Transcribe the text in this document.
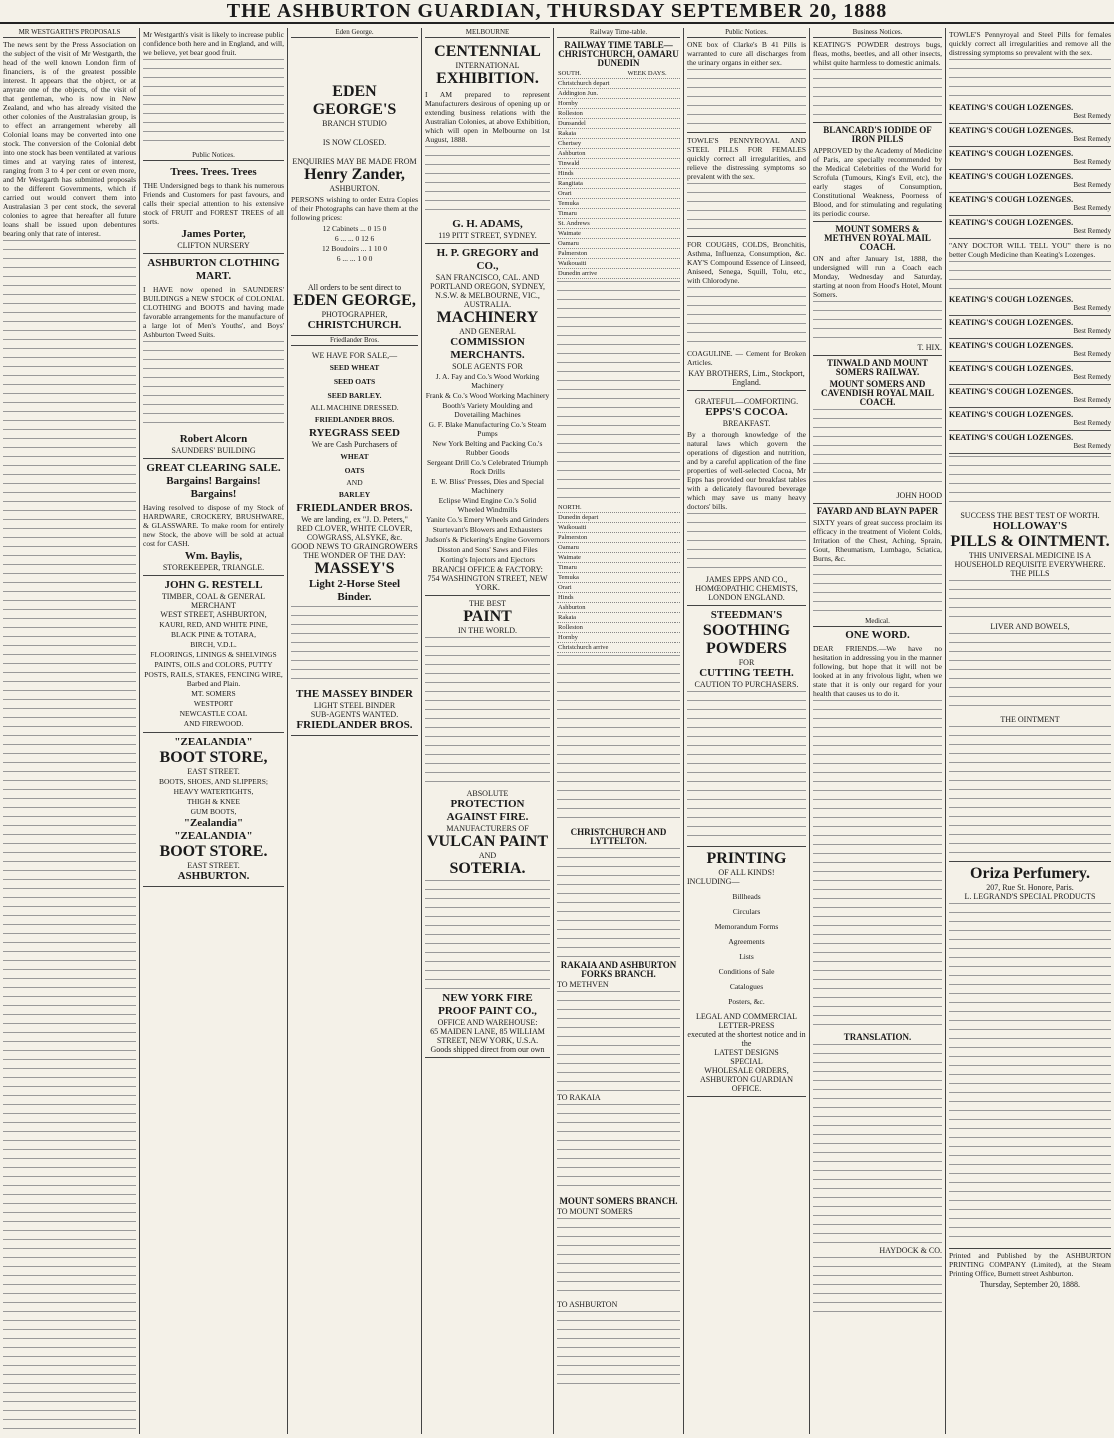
THE ASHBURTON GUARDIAN, THURSDAY SEPTEMBER 20, 1888
MR WESTGARTH'S PROPOSALS
The news sent by the Press Association on the subject of the visit of Mr Westgarth, the head of the well known London firm of financiers, is of the greatest possible interest. It appears that the object, or at anyrate one of the objects, of the visit of that gentleman, who is now in New Zealand, and who has already visited the other colonies of the Australasian group, is to effect an arrangement whereby all Colonial loans may be converted into one stock. The conversion of the Colonial debt into one stock has been ventilated at various times and at varying rates of interest, ranging from 3 to 4 per cent or even more, and Mr Westgarth has submitted proposals to the different Governments, which if carried out would convert them into Australasian 3 per cent stock, the several colonies to agree that hereafter all future loans shall be issued upon debentures bearing only that rate of interest.
Mr Westgarth's visit is likely to increase public confidence both here and in England, and will, we believe, yet bear good fruit.
Public Notices.
Trees. Trees. Trees
THE Undersigned begs to thank his numerous Friends and Customers for past favours, and calls their special attention to his extensive stock of FRUIT and FOREST TREES of all sorts.
James Porter,
CLIFTON NURSERY
ASHBURTON CLOTHING MART.
I HAVE now opened in SAUNDERS' BUILDINGS a NEW STOCK of COLONIAL CLOTHING and BOOTS and having made favorable arrangements for the manufacture of a large lot of Men's Youths', and Boys' Ashburton Tweed Suits.
Robert Alcorn
SAUNDERS' BUILDING
GREAT CLEARING SALE.
Bargains! Bargains! Bargains!
Having resolved to dispose of my Stock of HARDWARE, CROCKERY, BRUSHWARE, & GLASSWARE. To make room for entirely new Stock, the above will be sold at actual cost for CASH.
Wm. Baylis,
STOREKEEPER, TRIANGLE.
JOHN G. RESTELL
TIMBER, COAL & GENERAL MERCHANT
WEST STREET, ASHBURTON,
KAURI, RED, AND WHITE PINE,
BLACK PINE & TOTARA,
BIRCH, V.D.L.
FLOORINGS, LININGS & SHELVINGS
PAINTS, OILS and COLORS, PUTTY
POSTS, RAILS, STAKES, FENCING WIRE, Barbed and Plain.
MT. SOMERS
WESTPORT
NEWCASTLE COAL
AND FIREWOOD.
"ZEALANDIA"
BOOT STORE,
EAST STREET.
BOOTS, SHOES, AND SLIPPERS;
HEAVY WATERTIGHTS,
THIGH & KNEE
GUM BOOTS,
"Zealandia"
"ZEALANDIA"
BOOT STORE.
EAST STREET.
ASHBURTON.
Eden George.
EDEN GEORGE'S
BRANCH STUDIO
IS NOW CLOSED.
ENQUIRIES MAY BE MADE FROM
Henry Zander,
ASHBURTON.
PERSONS wishing to order Extra Copies of their Photographs can have them at the following prices:
12 Cabinets ... 0 15 0
6 ... ... 0 12 6
12 Boudoirs ... 1 10 0
6 ... ... 1 0 0
All orders to be sent direct to
EDEN GEORGE,
PHOTOGRAPHER,
CHRISTCHURCH.
Friedlander Bros.
WE HAVE FOR SALE,—
SEED WHEAT
SEED OATS
SEED BARLEY.
ALL MACHINE DRESSED.
FRIEDLANDER BROS.
RYEGRASS SEED
We are Cash Purchasers of
WHEAT
OATS
AND
BARLEY
FRIEDLANDER BROS.
We are landing, ex "J. D. Peters,"
RED CLOVER, WHITE CLOVER, COWGRASS, ALSYKE, &c.
GOOD NEWS TO GRAINGROWERS
THE WONDER OF THE DAY:
MASSEY'S
Light 2-Horse Steel Binder.
THE MASSEY BINDER
LIGHT STEEL BINDER
SUB-AGENTS WANTED.
FRIEDLANDER BROS.
MELBOURNE
CENTENNIAL
INTERNATIONAL
EXHIBITION.
I AM prepared to represent Manufacturers desirous of opening up or extending business relations with the Australian Colonies, at above Exhibition, which will open in Melbourne on 1st August, 1888.
G. H. ADAMS,
119 PITT STREET, SYDNEY.
H. P. GREGORY and CO.,
SAN FRANCISCO, CAL. AND PORTLAND OREGON, SYDNEY, N.S.W. & MELBOURNE, VIC., AUSTRALIA.
MACHINERY
AND GENERAL
COMMISSION MERCHANTS.
SOLE AGENTS FOR
J. A. Fay and Co.'s Wood Working Machinery
Frank & Co.'s Wood Working Machinery
Booth's Variety Moulding and Dovetailing Machines
G. F. Blake Manufacturing Co.'s Steam Pumps
New York Belting and Packing Co.'s Rubber Goods
Sergeant Drill Co.'s Celebrated Triumph Rock Drills
E. W. Bliss' Presses, Dies and Special Machinery
Eclipse Wind Engine Co.'s Solid Wheeled Windmills
Yanite Co.'s Emery Wheels and Grinders
Sturtevant's Blowers and Exhausters
Judson's & Pickering's Engine Governors
Disston and Sons' Saws and Files
Korting's Injectors and Ejectors
BRANCH OFFICE & FACTORY:
754 WASHINGTON STREET, NEW YORK.
THE BEST
PAINT
IN THE WORLD.
ABSOLUTE
PROTECTION AGAINST FIRE.
MANUFACTURERS OF
VULCAN PAINT
AND
SOTERIA.
NEW YORK FIRE PROOF PAINT CO.,
OFFICE AND WAREHOUSE:
65 MAIDEN LANE, 85 WILLIAM STREET, NEW YORK, U.S.A.
Goods shipped direct from our own
Railway Time-table.
RAILWAY TIME TABLE—CHRISTCHURCH, OAMARU DUNEDIN
SOUTH.	WEEK DAYS.
Christchurch depart	
Addington Jun.	
Hornby	
Rolleston	
Dunsandel	
Rakaia	
Chertsey	
Ashburton	
Tinwald	
Hinds	
Rangitata	
Orari	
Temuka	
Timaru	
St. Andrews	
Waimate	
Oamaru	
Palmerston	
Waikouaiti	
Dunedin arrive	
NORTH.	
Dunedin depart	
Waikouaiti	
Palmerston	
Oamaru	
Waimate	
Timaru	
Temuka	
Orari	
Hinds	
Ashburton	
Rakaia	
Rolleston	
Hornby	
Christchurch arrive	
CHRISTCHURCH AND LYTTELTON.
RAKAIA AND ASHBURTON FORKS BRANCH.
TO METHVEN
TO RAKAIA
MOUNT SOMERS BRANCH.
TO MOUNT SOMERS
TO ASHBURTON
Public Notices.
ONE box of Clarke's B 41 Pills is warranted to cure all discharges from the urinary organs in either sex.
TOWLE'S PENNYROYAL AND STEEL PILLS FOR FEMALES quickly correct all irregularities, and relieve the distressing symptoms so prevalent with the sex.
FOR COUGHS, COLDS, Bronchitis, Asthma, Influenza, Consumption, &c. KAY'S Compound Essence of Linseed, Aniseed, Senega, Squill, Tolu, etc., with Chlorodyne.
COAGULINE. — Cement for Broken Articles.
KAY BROTHERS, Lim., Stockport, England.
GRATEFUL—COMFORTING.
EPPS'S COCOA.
BREAKFAST.
By a thorough knowledge of the natural laws which govern the operations of digestion and nutrition, and by a careful application of the fine properties of well-selected Cocoa, Mr Epps has provided our breakfast tables with a delicately flavoured beverage which may save us many heavy doctors' bills.
JAMES EPPS AND CO.,
HOMŒOPATHIC CHEMISTS,
LONDON ENGLAND.
STEEDMAN'S
SOOTHING
POWDERS
FOR
CUTTING TEETH.
CAUTION TO PURCHASERS.
PRINTING
OF ALL KINDS!
INCLUDING—
Billheads
Circulars
Memorandum Forms
Agreements
Lists
Conditions of Sale
Catalogues
Posters, &c.
LEGAL AND COMMERCIAL
LETTER-PRESS
executed at the shortest notice and in the
LATEST DESIGNS
SPECIAL
WHOLESALE ORDERS,
ASHBURTON GUARDIAN
OFFICE.
Business Notices.
KEATING'S POWDER destroys bugs, fleas, moths, beetles, and all other insects, whilst quite harmless to domestic animals.
BLANCARD'S IODIDE OF IRON PILLS
APPROVED by the Academy of Medicine of Paris, are specially recommended by the Medical Celebrities of the World for Scrofula (Tumours, King's Evil, etc), the early stages of Consumption, Constitutional Weakness, Poorness of Blood, and for stimulating and regulating its periodic course.
MOUNT SOMERS & METHVEN ROYAL MAIL COACH.
ON and after January 1st, 1888, the undersigned will run a Coach each Monday, Wednesday and Saturday, starting at noon from Hood's Hotel, Mount Somers.
T. HIX.
TINWALD AND MOUNT SOMERS RAILWAY.
MOUNT SOMERS AND CAVENDISH ROYAL MAIL COACH.
JOHN HOOD
FAYARD AND BLAYN PAPER
SIXTY years of great success proclaim its efficacy in the treatment of Violent Colds, Irritation of the Chest, Aching, Sprain, Gout, Rheumatism, Lumbago, Sciatica, Burns, &c.
Medical.
ONE WORD.
DEAR FRIENDS.—We have no hesitation in addressing you in the manner following, but hope that it will not be looked at in any frivolous light, when we state that it is only our regard for your health that causes us to do it.
TRANSLATION.
HAYDOCK & CO.
TOWLE'S Pennyroyal and Steel Pills for females quickly correct all irregularities and remove all the distressing symptoms so prevalent with the sex.
KEATING'S COUGH LOZENGES.
Best Remedy
KEATING'S COUGH LOZENGES.
Best Remedy
KEATING'S COUGH LOZENGES.
Best Remedy
KEATING'S COUGH LOZENGES.
Best Remedy
KEATING'S COUGH LOZENGES.
Best Remedy
KEATING'S COUGH LOZENGES.
Best Remedy
"ANY DOCTOR WILL TELL YOU" there is no better Cough Medicine than Keating's Lozenges.
KEATING'S COUGH LOZENGES.
Best Remedy
KEATING'S COUGH LOZENGES.
Best Remedy
KEATING'S COUGH LOZENGES.
Best Remedy
KEATING'S COUGH LOZENGES.
Best Remedy
KEATING'S COUGH LOZENGES.
Best Remedy
KEATING'S COUGH LOZENGES.
Best Remedy
KEATING'S COUGH LOZENGES.
Best Remedy
SUCCESS THE BEST TEST OF WORTH.
HOLLOWAY'S
PILLS & OINTMENT.
THIS UNIVERSAL MEDICINE IS A HOUSEHOLD REQUISITE EVERYWHERE.
THE PILLS
LIVER AND BOWELS,
THE OINTMENT
Oriza Perfumery.
207, Rue St. Honore, Paris.
L. LEGRAND'S SPECIAL PRODUCTS
Printed and Published by the ASHBURTON PRINTING COMPANY (Limited), at the Steam Printing Office, Burnett street Ashburton.
Thursday, September 20, 1888.
